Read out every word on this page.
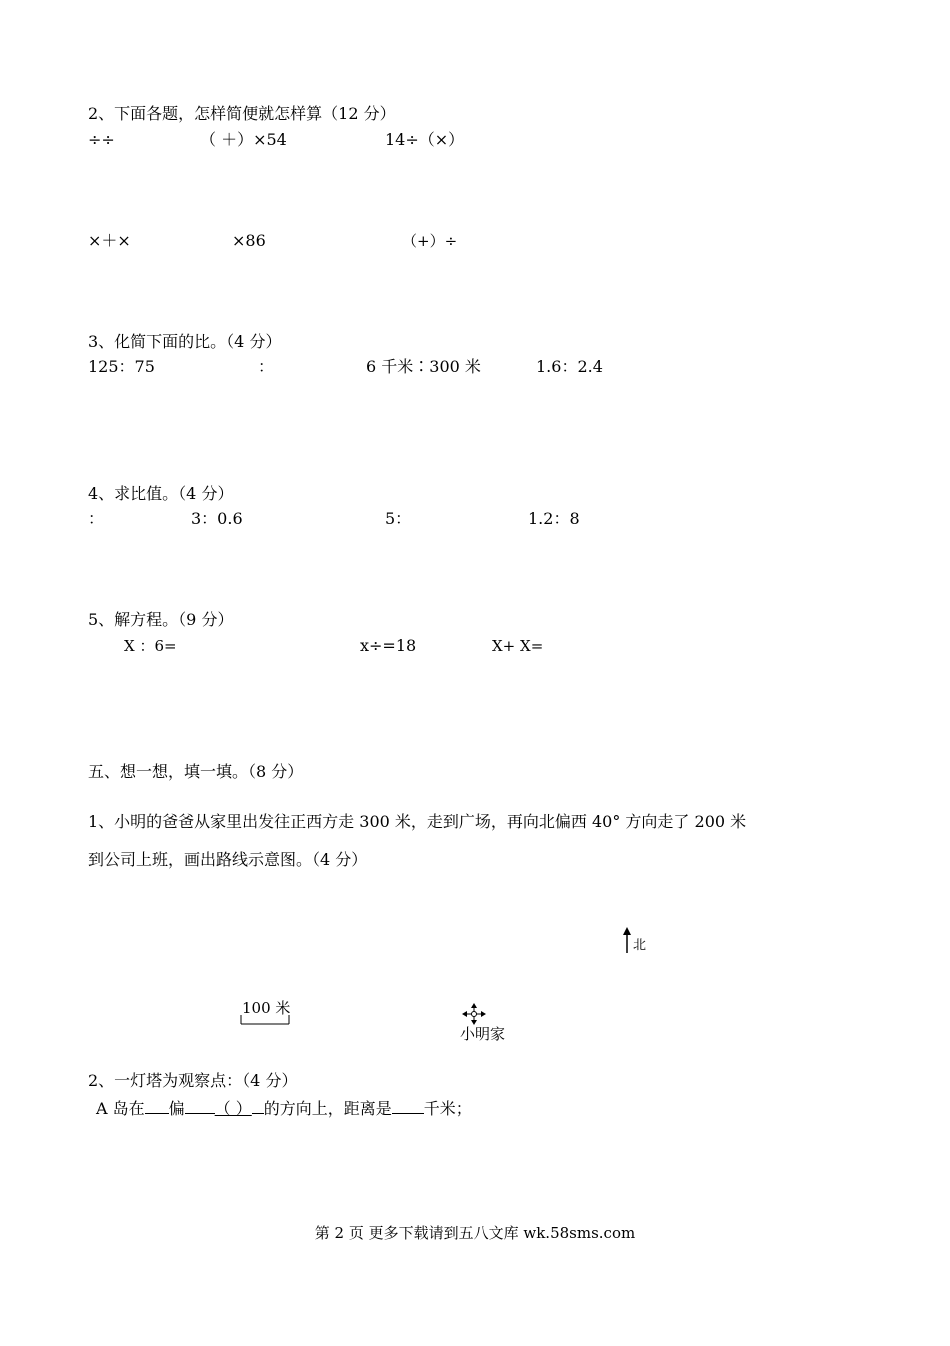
2、下面各题，怎样简便就怎样算（12 分）
÷÷	（ ＋）×54	14÷（×）
×＋×	×86	（+）÷
3、化简下面的比。（4 分）
125：75	：	6 千米∶300 米	1.6：2.4
4、求比值。（4 分）
：	3：0.6	5：	1.2：8
5、解方程。（9 分）
X ：6=	x÷=18	X+ X=
五、想一想，填一填。（8 分）
1、小明的爸爸从家里出发往正西方走 300 米，走到广场，再向北偏西 40° 方向走了 200 米
到公司上班，画出路线示意图。（4 分）
北
100 米
小明家
2、一灯塔为观察点：（4 分）
A 岛在 偏 （ ） 的方向上，距离是 千米；
第 2 页 更多下载请到五八文库 wk.58sms.com
